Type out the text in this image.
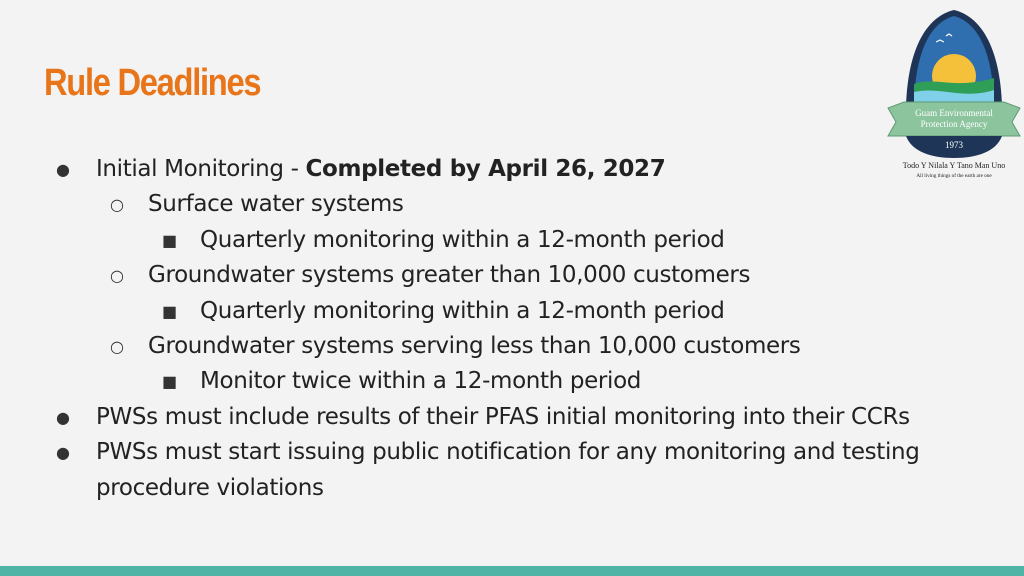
Rule Deadlines
Guam Environmental
Protection Agency
1973
Todo Y Nilala Y Tano Man Uno
All living things of the earth are one
● Initial Monitoring - Completed by April 26, 2027
○ Surface water systems
■ Quarterly monitoring within a 12-month period
○ Groundwater systems greater than 10,000 customers
■ Quarterly monitoring within a 12-month period
○ Groundwater systems serving less than 10,000 customers
■ Monitor twice within a 12-month period
● PWSs must include results of their PFAS initial monitoring into their CCRs
● PWSs must start issuing public notification for any monitoring and testing procedure violations
